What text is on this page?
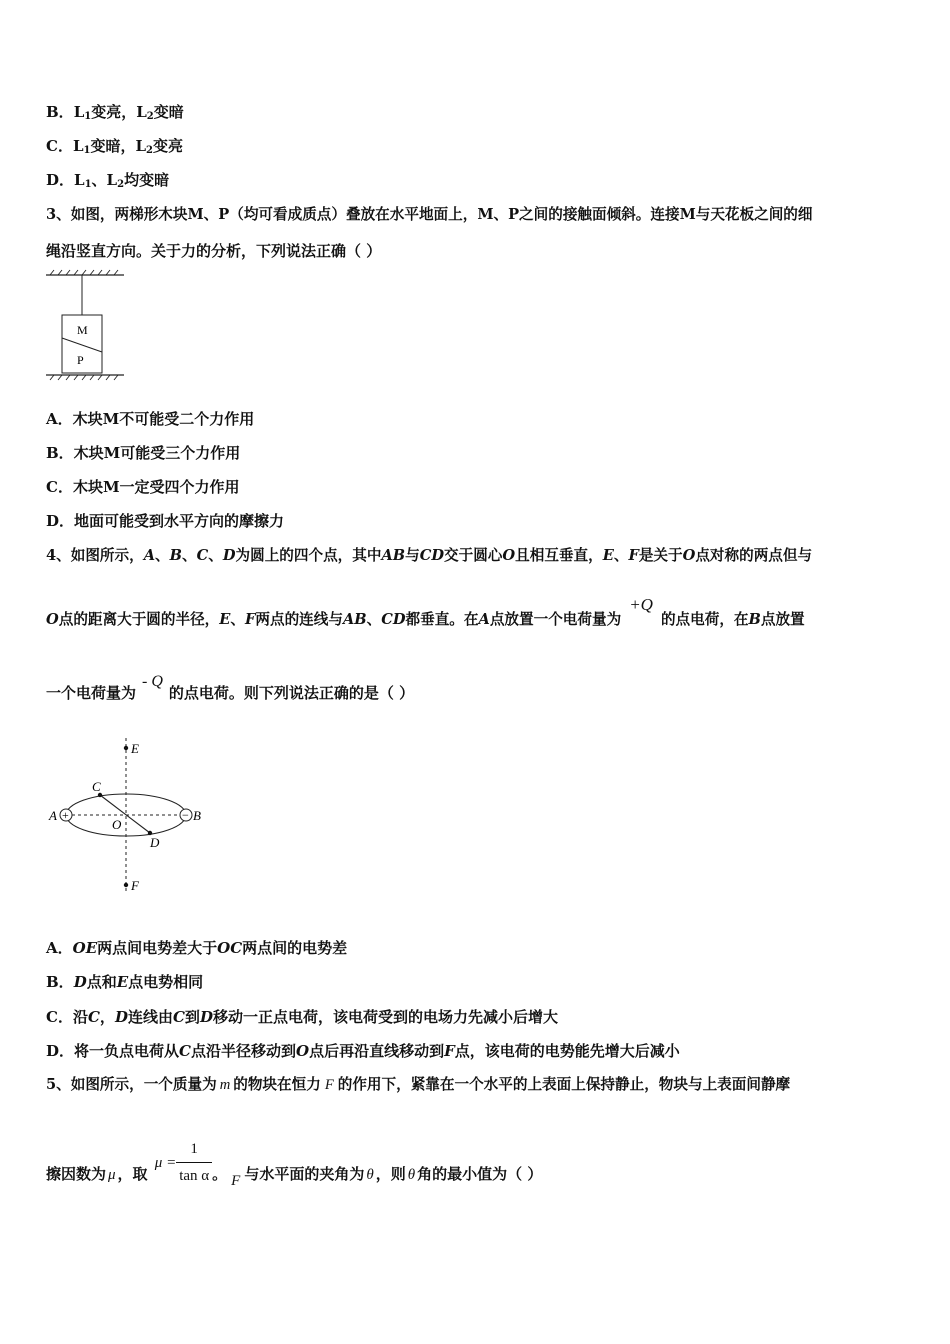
B．$L_1$变亮，$L_2$变暗
C．$L_1$变暗，$L_2$变亮
D．$L_1$、$L_2$均变暗
3、如图，两梯形木块M、P（均可看成质点）叠放在水平地面上，M、P之间的接触面倾斜。连接M与天花板之间的细
绳沿竖直方向。关于力的分析，下列说法正确（ ）
M
P
A．木块M不可能受二个力作用
B．木块M可能受三个力作用
C．木块M一定受四个力作用
D．地面可能受到水平方向的摩擦力
4、如图所示，A、B、C、D为圆上的四个点，其中AB与CD交于圆心O且相互垂直，E、F是关于O点对称的两点但与
O点的距离大于圆的半径，E、F两点的连线与AB、CD都垂直。在A点放置一个电荷量为+Q的点电荷，在B点放置
一个电荷量为- Q的点电荷。则下列说法正确的是（ ）
+	−
A	B
C
D
E
F
O
A．OE两点间电势差大于OC两点间的电势差
B．D点和E点电势相同
C．沿C，D连线由C到D移动一正点电荷，该电荷受到的电场力先减小后增大
D．将一负点电荷从C点沿半径移动到O点后再沿直线移动到F点，该电荷的电势能先增大后减小
5、如图所示，一个质量为 m 的物块在恒力 F 的作用下，紧靠在一个水平的上表面上保持静止，物块与上表面间静摩
擦因数为 μ ，取 $\mu = \frac{1}{\text{tan α}}$ 。 F 与水平面的夹角为 θ ，则 θ 角的最小值为（ ）
